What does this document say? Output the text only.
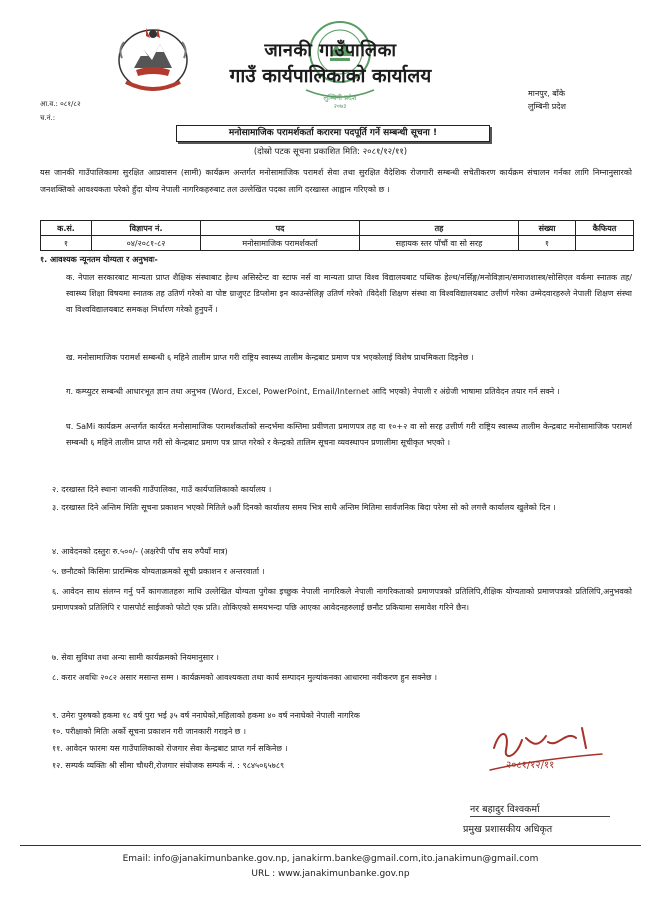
लुम्बिनी प्रदेश
२०७३
जानकी गाउँपालिका
गाउँ कार्यपालिकाको कार्यालय
मानपुर, बाँके
लुम्बिनी प्रदेश
आ.व.: ०८१/८२
च.नं.:
मनोसामाजिक परामर्शकर्ता करारमा पदपूर्ति गर्ने सम्बन्धी सूचना !
(दोस्रो पटक सूचना प्रकाशित मिति: २०८१/१२/११)
यस जानकी गाउँपालिकामा सुरक्षित आप्रवासन (सामी) कार्यक्रम अन्तर्गत मनोसामाजिक परामर्श सेवा तथा सुरक्षित वैदेशिक रोजगारी सम्बन्धी सचेतीकरण कार्यक्रम संचालन गर्नका लागि निम्नानुसारको जनशक्तिको आवश्यकता परेको हुँदा योग्य नेपाली नागरिकहरुबाट तल उल्लेखित पदका लागि दरखास्त आह्वान गरिएको छ ।
क.सं.	विज्ञापन नं.	पद	तह	संख्या	कैफियत
१	०४/२०८१-८२	मनोसामाजिक परामर्शकर्ता	सहायक स्तर पाँचौं वा सो सरह	१	
१. आवश्यक न्यूनतम योग्यता र अनुभवः-
क. नेपाल सरकारबाट मान्यता प्राप्त शैक्षिक संस्थाबाट हेल्थ असिस्टेन्ट वा स्टाफ नर्स वा मान्यता प्राप्त विश्व विद्यालयबाट पब्लिक हेल्थ/नर्सिङ्ग/मनोविज्ञान/समाजशास्त्र/सोसिएल वर्कमा स्नातक तह/स्वास्थ्य शिक्षा विषयमा स्नातक तह उतिर्ण गरेको वा पोष्ट ग्राजुएट डिप्लोमा इन काउन्सेलिङ्ग उतिर्ण गरेको ।विदेशी शिक्षण संस्था वा विश्वविद्यालयबाट उत्तीर्ण गरेका उम्मेदवारहरुले नेपाली शिक्षण संस्था वा विश्वविद्यालयबाट समकक्ष निर्धारण गरेको हुनुपर्ने ।
ख. मनोसामाजिक परामर्श सम्बन्धी ६ महिने तालीम प्राप्त गरी राष्ट्रिय स्वास्थ्य तालीम केन्द्रबाट प्रमाण पत्र भएकोलाई विशेष प्राथमिकता दिइनेछ ।
ग. कम्प्युटर सम्बन्धी आधारभूत ज्ञान तथा अनुभव (Word, Excel, PowerPoint, Email/Internet आदि भएको) नेपाली र अंग्रेजी भाषामा प्रतिवेदन तयार गर्न सक्ने ।
घ. SaMi कार्यक्रम अन्तर्गत कार्यरत मनोसामाजिक परामर्शकर्ताको सन्दर्भमा कम्तिमा प्रवीणता प्रमाणपत्र तह वा १०+२ वा सो सरह उत्तीर्ण गरी राष्ट्रिय स्वास्थ्य तालीम केन्द्रबाट मनोसामाजिक परामर्श सम्बन्धी ६ महिने तालीम प्राप्त गरी सो केन्द्रबाट प्रमाण पत्र प्राप्त गरेको र केन्द्रको तालिम सूचना व्यवस्थापन प्रणालीमा सूचीकृत भएको ।
२. दरखास्त दिने स्थानः जानकी गाउँपालिका, गाउँ कार्यपालिकाको कार्यालय ।
३. दरखास्त दिने अन्तिम मितिः सूचना प्रकाशन भएको मितिले ७औं दिनको कार्यालय समय भित्र साथै अन्तिम मितिमा सार्वजनिक बिदा परेमा सो को लगत्तै कार्यालय खुलेको दिन ।
४. आवेदनको दस्तुरः रु.५००/- (अक्षरेपी पाँच सय रुपैयाँ मात्र)
५. छनौटको किसिमः प्रारम्भिक योग्यताक्रमको सूची प्रकाशन र अन्तरवार्ता ।
६. आवेदन साथ संलग्न गर्नु पर्ने कागजातहरुः माथि उल्लेखित योग्यता पुगेका इच्छुक नेपाली नागरिकले नेपाली नागरिकताको प्रमाणपत्रको प्रतिलिपि,शैक्षिक योग्यताको प्रमाणपत्रको प्रतिलिपि,अनुभवको प्रमाणपत्रको प्रतिलिपि र पासपोर्ट साईजको फोटो एक प्रति। तोकिएको समयभन्दा पछि आएका आवेदनहरुलाई छनौट प्रकियामा समावेश गरिने छैन।
७. सेवा सुविधा तथा अन्यः सामी कार्यक्रमको नियमानुसार ।
८. करार अवधिः २०८२ असार मसान्त सम्म । कार्यक्रमको आवश्यकता तथा कार्य सम्पादन मुल्यांकनका आधारमा नवीकरण हुन सक्नेछ ।
९. उमेरः पुरुषको हकमा १८ वर्ष पुरा भई ३५ वर्ष ननाघेको,महिलाको हकमा ४० वर्ष ननाघेको नेपाली नागरिक
१०. परीक्षाको मितिः अर्को सूचना प्रकाशन गरी जानकारी गराइने छ ।
११. आवेदन फारमः यस गाउँपालिकाको रोजगार सेवा केन्द्रबाट प्राप्त गर्न सकिनेछ ।
१२. सम्पर्क व्यक्तिः श्री सीमा चौधरी,रोजगार संयोजक सम्पर्क नं. : ९८४५०६५७८९	२०८१/१२/११
नर बहादुर विश्वकर्मा
प्रमुख प्रशासकीय अधिकृत
Email: info@janakimunbanke.gov.np, janakirm.banke@gmail.com,ito.janakimun@gmail.com
URL : www.janakimunbanke.gov.np
